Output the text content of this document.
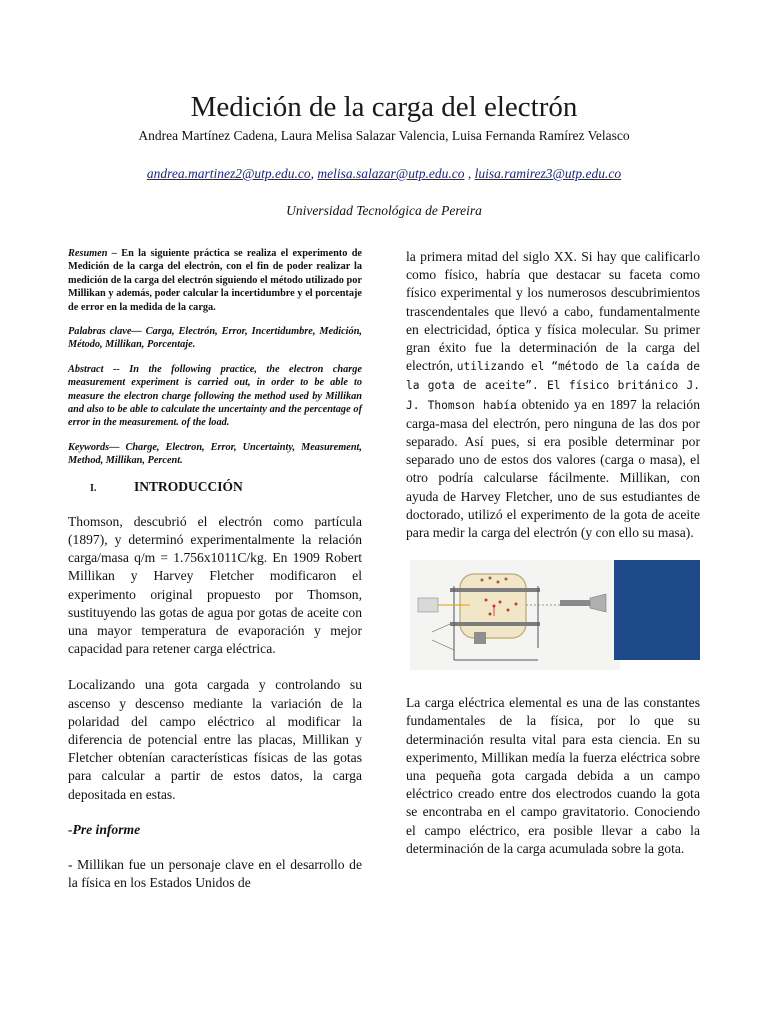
Medición de la carga del electrón
Andrea Martínez Cadena, Laura Melisa Salazar Valencia, Luisa Fernanda Ramírez Velasco
andrea.martinez2@utp.edu.co, melisa.salazar@utp.edu.co , luisa.ramirez3@utp.edu.co
Universidad Tecnológica de Pereira

Resumen – En la siguiente práctica se realiza el experimento de Medición de la carga del electrón, con el fin de poder realizar la medición de la carga del electrón siguiendo el método utilizado por Millikan y además, poder calcular la incertidumbre y el porcentaje de error en la medida de la carga.

Palabras clave— Carga, Electrón, Error, Incertidumbre, Medición, Método, Millikan, Porcentaje.

Abstract -- In the following practice, the electron charge measurement experiment is carried out, in order to be able to measure the electron charge following the method used by Millikan and also to be able to calculate the uncertainty and the percentage of error in the measurement. of the load.

Keywords— Charge, Electron, Error, Uncertainty, Measurement, Method, Millikan, Percent.

I.	INTRODUCCIÓN

Thomson, descubrió el electrón como partícula (1897), y determinó experimentalmente la relación carga/masa q/m = 1.756x1011C/kg. En 1909 Robert Millikan y Harvey Fletcher modificaron el experimento original propuesto por Thomson, sustituyendo las gotas de agua por gotas de aceite con una mayor temperatura de evaporación y mejor capacidad para retener carga eléctrica.

Localizando una gota cargada y controlando su ascenso y descenso mediante la variación de la polaridad del campo eléctrico al modificar la diferencia de potencial entre las placas, Millikan y Fletcher obtenían características físicas de las gotas para calcular a partir de estos datos, la carga depositada en estas.

-Pre informe

- Millikan fue un personaje clave en el desarrollo de la física en los Estados Unidos de

la primera mitad del siglo XX. Si hay que calificarlo como físico, habría que destacar su faceta como físico experimental y los numerosos descubrimientos trascendentales que llevó a cabo, fundamentalmente en electricidad, óptica y física molecular. Su primer gran éxito fue la determinación de la carga del electrón, utilizando el “método de la caída de la gota de aceite”. El físico británico J. J. Thomson había obtenido ya en 1897 la relación carga-masa del electrón, pero ninguna de las dos por separado. Así pues, si era posible determinar por separado uno de estos dos valores (carga o masa), el otro podría calcularse fácilmente. Millikan, con ayuda de Harvey Fletcher, uno de sus estudiantes de doctorado, utilizó el experimento de la gota de aceite para medir la carga del electrón (y con ello su masa).

La carga eléctrica elemental es una de las constantes fundamentales de la física, por lo que su determinación resulta vital para esta ciencia. En su experimento, Millikan medía la fuerza eléctrica sobre una pequeña gota cargada debida a un campo eléctrico creado entre dos electrodos cuando la gota se encontraba en el campo gravitatorio. Conociendo el campo eléctrico, era posible llevar a cabo la determinación de la carga acumulada sobre la gota.
